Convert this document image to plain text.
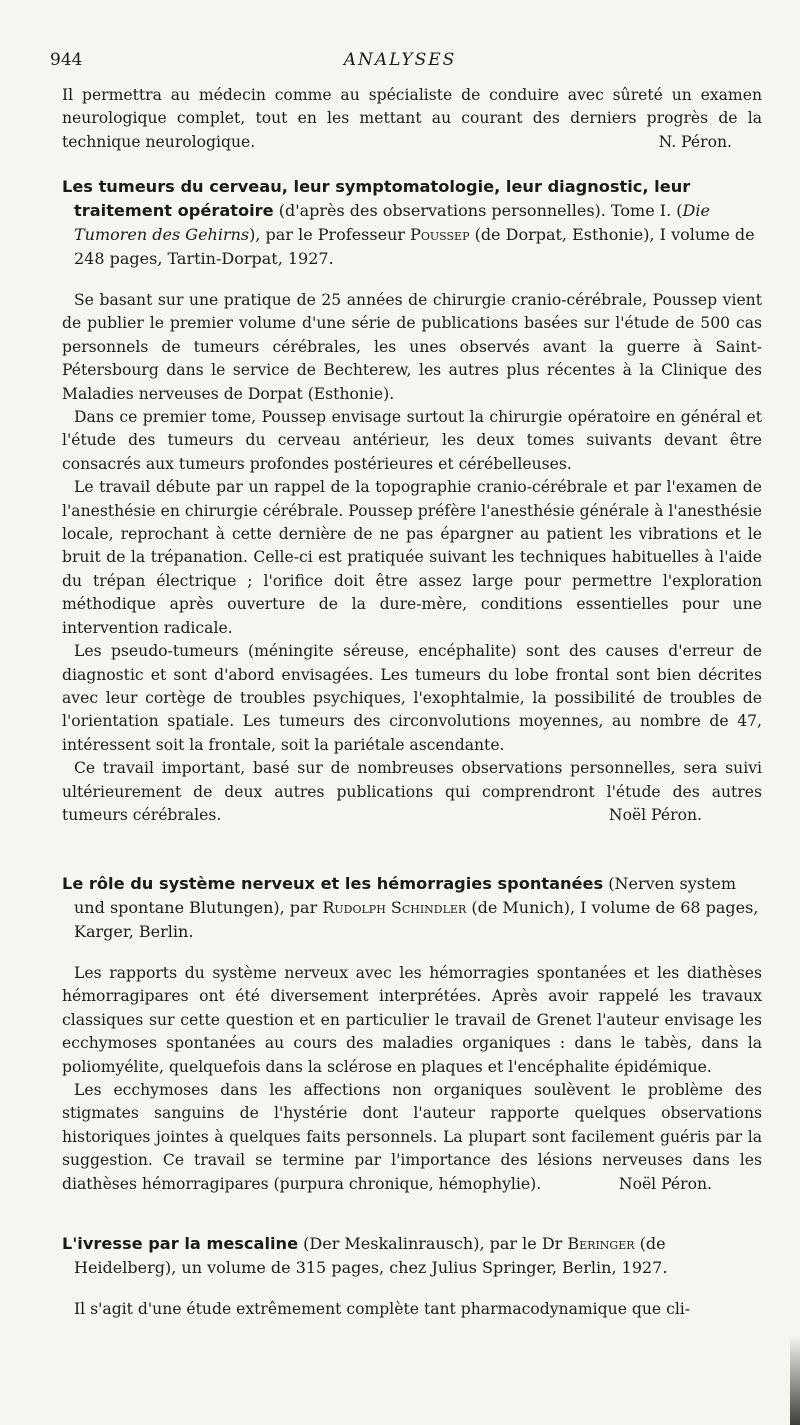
944	ANALYSES

Il permettra au médecin comme au spécialiste de conduire avec sûreté un examen neurologique complet, tout en les mettant au courant des derniers progrès de la technique neurologique.	N. Péron.

Les tumeurs du cerveau, leur symptomatologie, leur diagnostic, leur traitement opératoire (d'après des observations personnelles). Tome I. (Die Tumoren des Gehirns), par le Professeur Poussep (de Dorpat, Esthonie), I volume de 248 pages, Tartin-Dorpat, 1927.

Se basant sur une pratique de 25 années de chirurgie cranio-cérébrale, Poussep vient de publier le premier volume d'une série de publications basées sur l'étude de 500 cas personnels de tumeurs cérébrales, les unes observés avant la guerre à Saint-Pétersbourg dans le service de Bechterew, les autres plus récentes à la Clinique des Maladies nerveuses de Dorpat (Esthonie).

Dans ce premier tome, Poussep envisage surtout la chirurgie opératoire en général et l'étude des tumeurs du cerveau antérieur, les deux tomes suivants devant être consacrés aux tumeurs profondes postérieures et cérébelleuses.

Le travail débute par un rappel de la topographie cranio-cérébrale et par l'examen de l'anesthésie en chirurgie cérébrale. Poussep préfère l'anesthésie générale à l'anesthésie locale, reprochant à cette dernière de ne pas épargner au patient les vibrations et le bruit de la trépanation. Celle-ci est pratiquée suivant les techniques habituelles à l'aide du trépan électrique ; l'orifice doit être assez large pour permettre l'exploration méthodique après ouverture de la dure-mère, conditions essentielles pour une intervention radicale.

Les pseudo-tumeurs (méningite séreuse, encéphalite) sont des causes d'erreur de diagnostic et sont d'abord envisagées. Les tumeurs du lobe frontal sont bien décrites avec leur cortège de troubles psychiques, l'exophtalmie, la possibilité de troubles de l'orientation spatiale. Les tumeurs des circonvolutions moyennes, au nombre de 47, intéressent soit la frontale, soit la pariétale ascendante.

Ce travail important, basé sur de nombreuses observations personnelles, sera suivi ultérieurement de deux autres publications qui comprendront l'étude des autres tumeurs cérébrales.	Noël Péron.

Le rôle du système nerveux et les hémorragies spontanées (Nerven system und spontane Blutungen), par Rudolph Schindler (de Munich), I volume de 68 pages, Karger, Berlin.

Les rapports du système nerveux avec les hémorragies spontanées et les diathèses hémorragipares ont été diversement interprétées. Après avoir rappelé les travaux classiques sur cette question et en particulier le travail de Grenet l'auteur envisage les ecchymoses spontanées au cours des maladies organiques : dans le tabès, dans la poliomyélite, quelquefois dans la sclérose en plaques et l'encéphalite épidémique.

Les ecchymoses dans les affections non organiques soulèvent le problème des stigmates sanguins de l'hystérie dont l'auteur rapporte quelques observations historiques jointes à quelques faits personnels. La plupart sont facilement guéris par la suggestion. Ce travail se termine par l'importance des lésions nerveuses dans les diathèses hémorragipares (purpura chronique, hémophylie).	Noël Péron.

L'ivresse par la mescaline (Der Meskalinrausch), par le Dr Beringer (de Heidelberg), un volume de 315 pages, chez Julius Springer, Berlin, 1927.

Il s'agit d'une étude extrêmement complète tant pharmacodynamique que cli-
